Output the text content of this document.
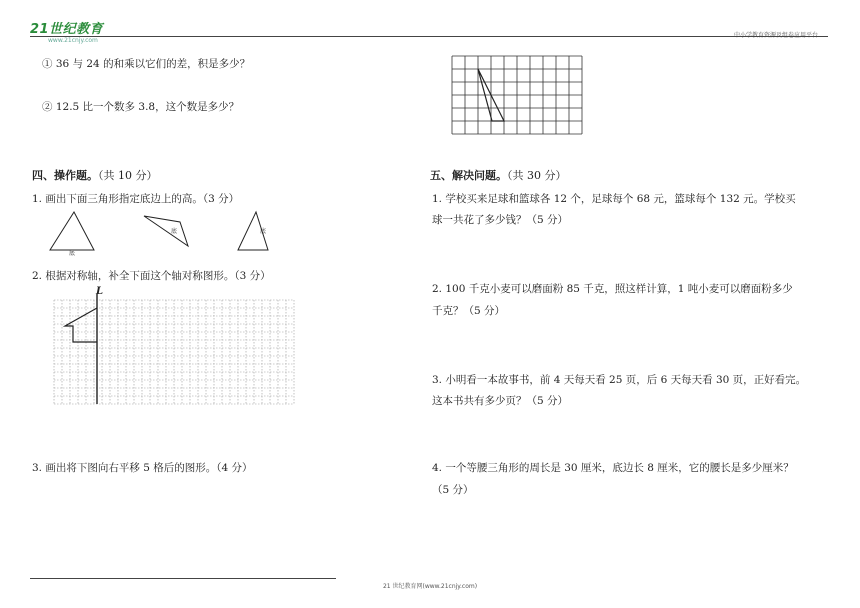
21世纪教育
www.21cnjy.com
中小学教育资源及组卷应用平台
① 36 与 24 的和乘以它们的差，积是多少？
② 12.5 比一个数多 3.8，这个数是多少？
四、操作题。（共 10 分）
1. 画出下面三角形指定底边上的高。（3 分）
底
底	底
2. 根据对称轴，补全下面这个轴对称图形。（3 分）
L
3. 画出将下图向右平移 5 格后的图形。（4 分）
五、解决问题。（共 30 分）
1. 学校买来足球和篮球各 12 个，足球每个 68 元，篮球每个 132 元。学校买
球一共花了多少钱？（5 分）
2. 100 千克小麦可以磨面粉 85 千克，照这样计算，1 吨小麦可以磨面粉多少
千克？（5 分）
3. 小明看一本故事书，前 4 天每天看 25 页，后 6 天每天看 30 页，正好看完。
这本书共有多少页？（5 分）
4. 一个等腰三角形的周长是 30 厘米，底边长 8 厘米，它的腰长是多少厘米？
（5 分）
21 世纪教育网(www.21cnjy.com)
